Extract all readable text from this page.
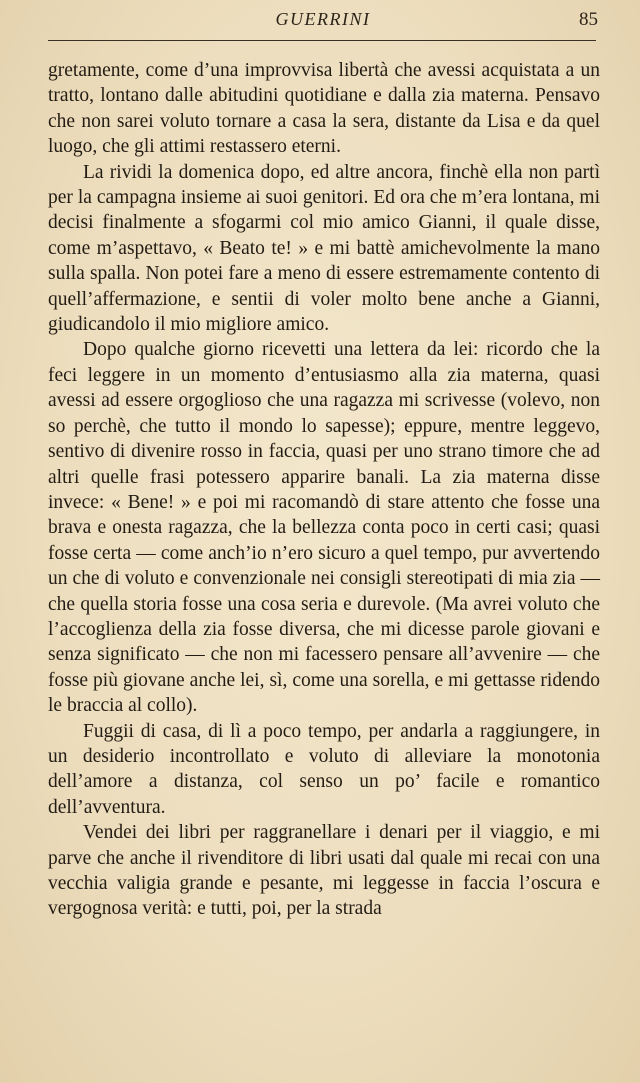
GUERRINI	85

gretamente, come d’una improvvisa libertà che avessi acquistata a un tratto, lontano dalle abitudini quotidiane e dalla zia materna. Pensavo che non sarei voluto tornare a casa la sera, distante da Lisa e da quel luogo, che gli attimi restassero eterni.

La rividi la domenica dopo, ed altre ancora, finchè ella non partì per la campagna insieme ai suoi genitori. Ed ora che m’era lontana, mi decisi finalmente a sfogarmi col mio amico Gianni, il quale disse, come m’aspettavo, « Beato te! » e mi battè amichevolmente la mano sulla spalla. Non potei fare a meno di essere estremamente contento di quell’affermazione, e sentii di voler molto bene anche a Gianni, giudicandolo il mio migliore amico.

Dopo qualche giorno ricevetti una lettera da lei: ricordo che la feci leggere in un momento d’entusiasmo alla zia materna, quasi avessi ad essere orgoglioso che una ragazza mi scrivesse (volevo, non so perchè, che tutto il mondo lo sapesse); eppure, mentre leggevo, sentivo di divenire rosso in faccia, quasi per uno strano timore che ad altri quelle frasi potessero apparire banali. La zia materna disse invece: « Bene! » e poi mi racomandò di stare attento che fosse una brava e onesta ragazza, che la bellezza conta poco in certi casi; quasi fosse certa — come anch’io n’ero sicuro a quel tempo, pur avvertendo un che di voluto e convenzionale nei consigli stereotipati di mia zia — che quella storia fosse una cosa seria e durevole. (Ma avrei voluto che l’accoglienza della zia fosse diversa, che mi dicesse parole giovani e senza significato — che non mi facessero pensare all’avvenire — che fosse più giovane anche lei, sì, come una sorella, e mi gettasse ridendo le braccia al collo).

Fuggii di casa, di lì a poco tempo, per andarla a raggiungere, in un desiderio incontrollato e voluto di alleviare la monotonia dell’amore a distanza, col senso un po’ facile e romantico dell’avventura.

Vendei dei libri per raggranellare i denari per il viaggio, e mi parve che anche il rivenditore di libri usati dal quale mi recai con una vecchia valigia grande e pesante, mi leggesse in faccia l’oscura e vergognosa verità: e tutti, poi, per la strada
